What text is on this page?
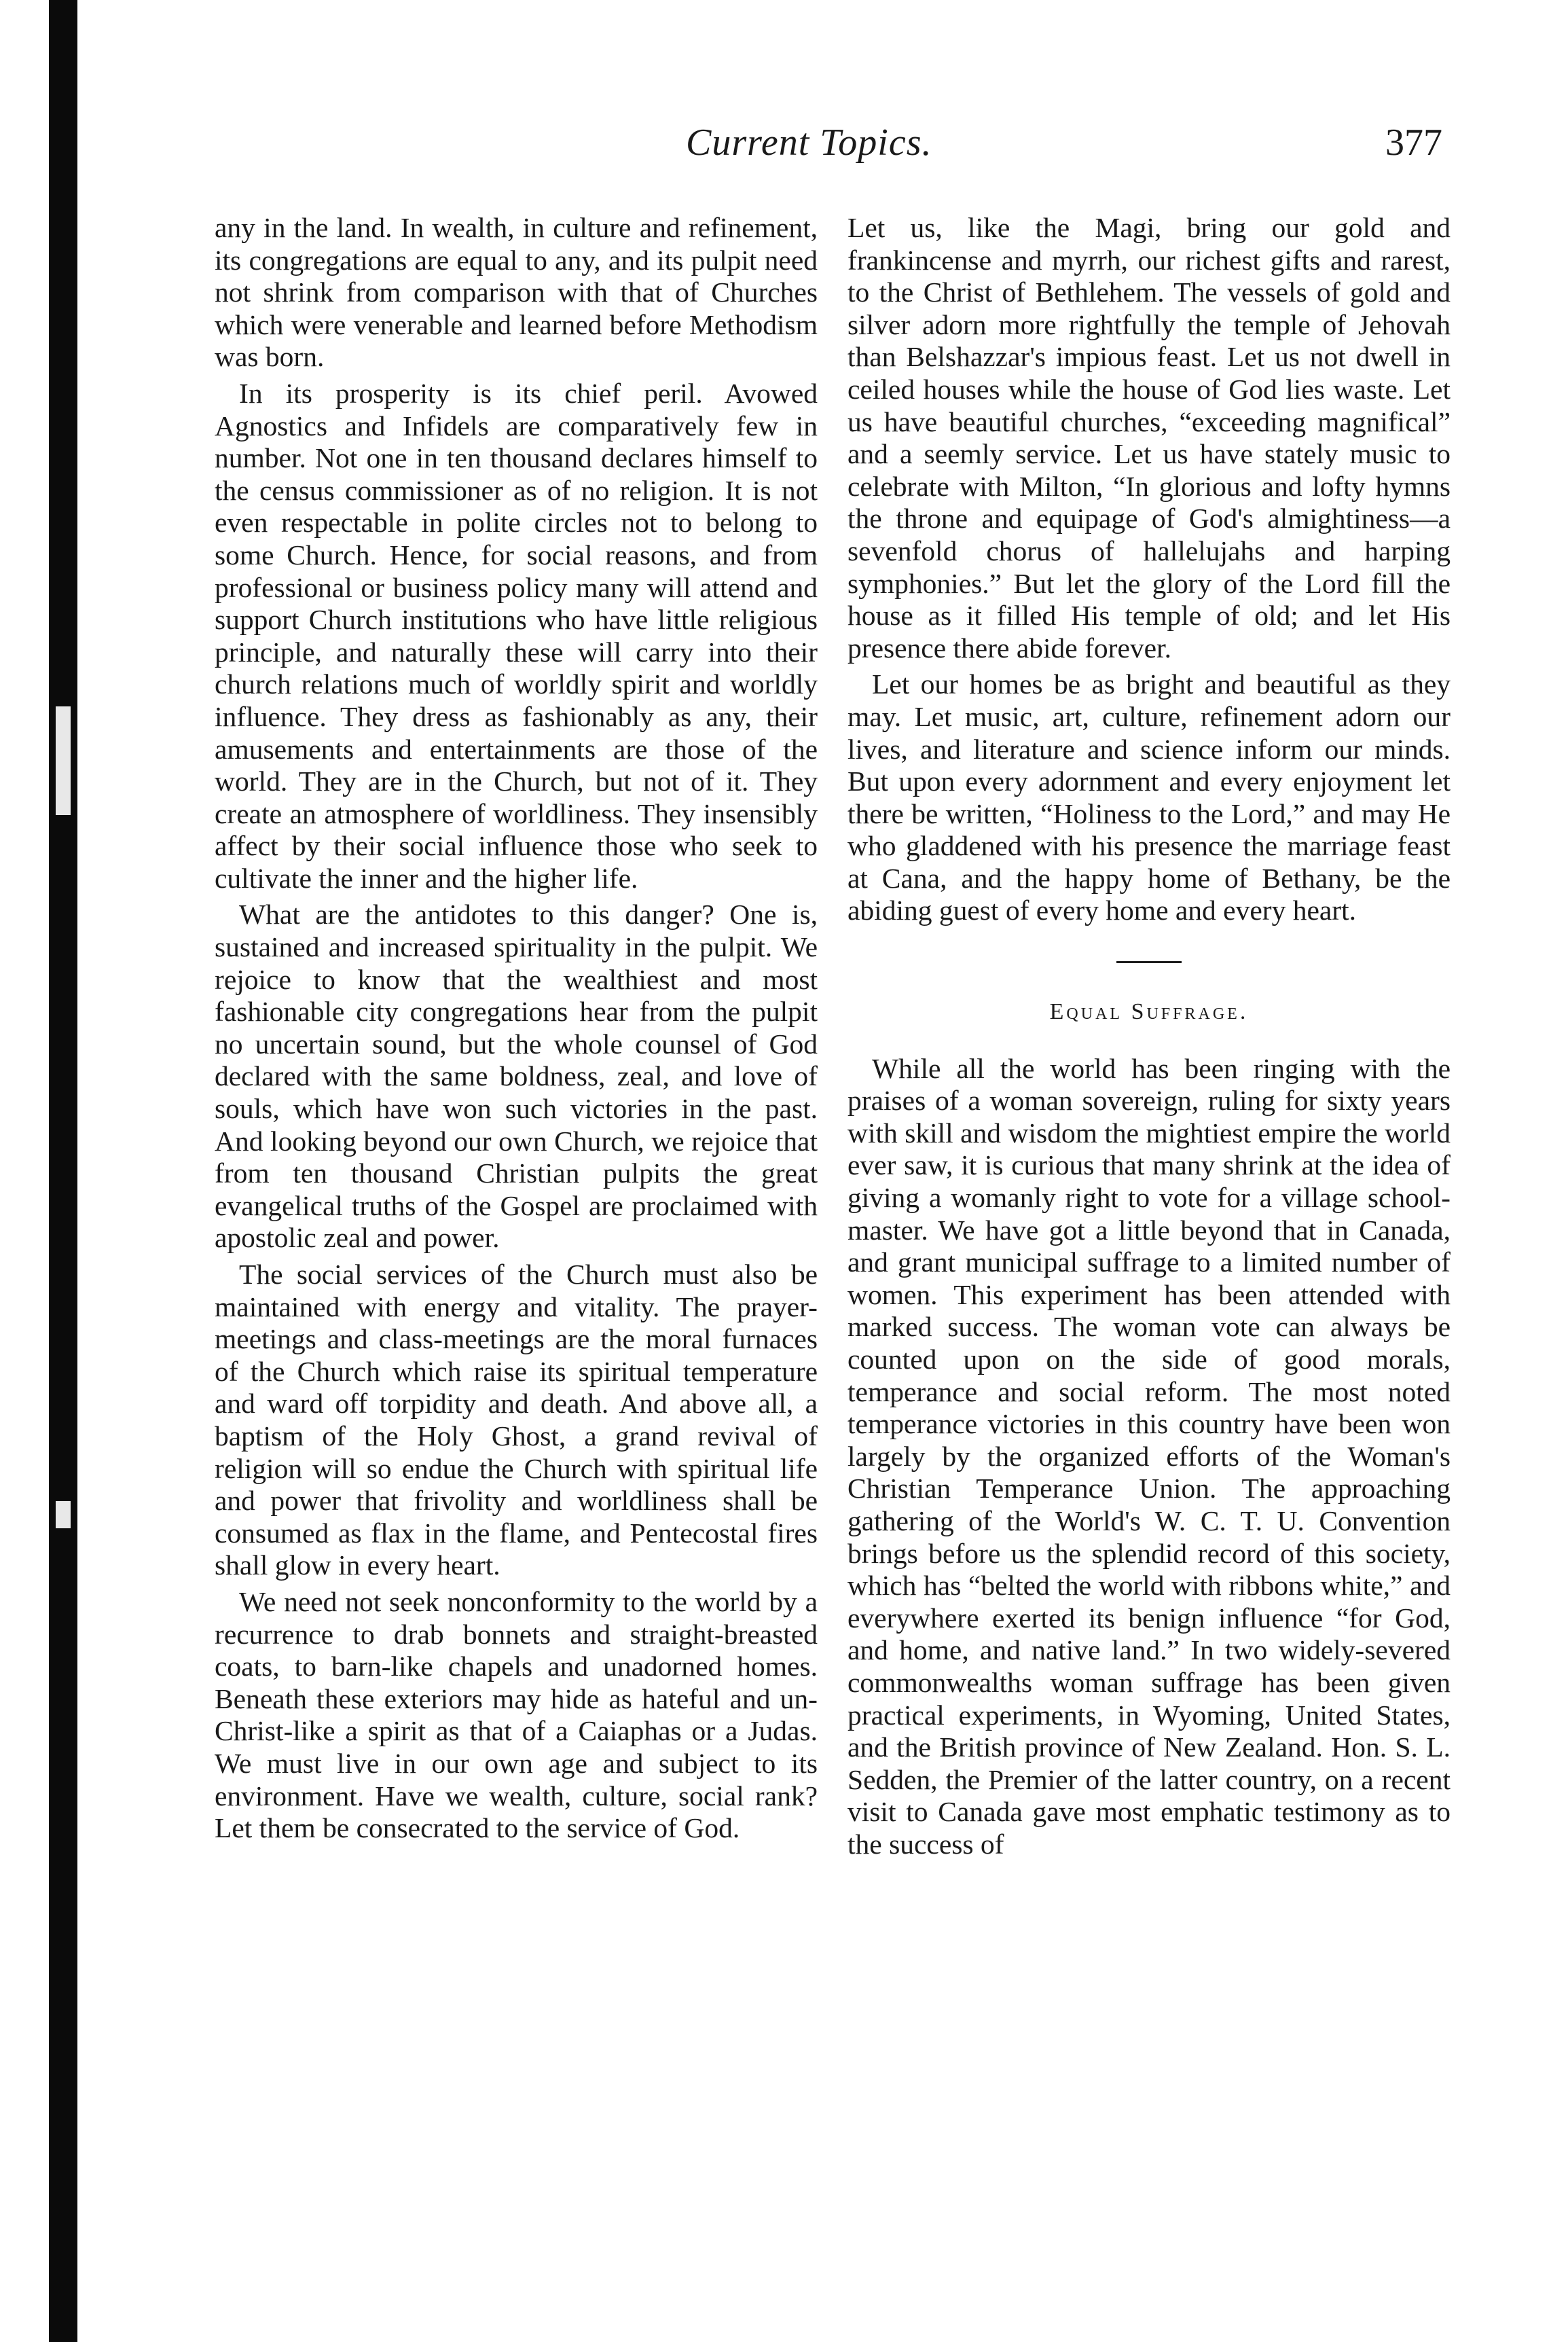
Current Topics.	377

any in the land. In wealth, in culture and refinement, its congregations are equal to any, and its pulpit need not shrink from comparison with that of Churches which were venerable and learned before Methodism was born.

In its prosperity is its chief peril. Avowed Agnostics and Infidels are comparatively few in number. Not one in ten thousand declares himself to the census commissioner as of no religion. It is not even respectable in polite circles not to belong to some Church. Hence, for social reasons, and from professional or business policy many will attend and support Church institutions who have little religious principle, and naturally these will carry into their church relations much of worldly spirit and worldly influence. They dress as fashionably as any, their amusements and entertainments are those of the world. They are in the Church, but not of it. They create an atmosphere of worldliness. They insensibly affect by their social influence those who seek to cultivate the inner and the higher life.

What are the antidotes to this danger? One is, sustained and increased spirituality in the pulpit. We rejoice to know that the wealthiest and most fashionable city congregations hear from the pulpit no uncertain sound, but the whole counsel of God declared with the same boldness, zeal, and love of souls, which have won such victories in the past. And looking beyond our own Church, we rejoice that from ten thousand Christian pulpits the great evangelical truths of the Gospel are proclaimed with apostolic zeal and power.

The social services of the Church must also be maintained with energy and vitality. The prayer-meetings and class-meetings are the moral furnaces of the Church which raise its spiritual temperature and ward off torpidity and death. And above all, a baptism of the Holy Ghost, a grand revival of religion will so endue the Church with spiritual life and power that frivolity and worldliness shall be consumed as flax in the flame, and Pentecostal fires shall glow in every heart.

We need not seek nonconformity to the world by a recurrence to drab bonnets and straight-breasted coats, to barn-like chapels and unadorned homes. Beneath these exteriors may hide as hateful and un-Christ-like a spirit as that of a Caiaphas or a Judas. We must live in our own age and subject to its environment. Have we wealth, culture, social rank? Let them be consecrated to the service of God.

Let us, like the Magi, bring our gold and frankincense and myrrh, our richest gifts and rarest, to the Christ of Bethlehem. The vessels of gold and silver adorn more rightfully the temple of Jehovah than Belshazzar's impious feast. Let us not dwell in ceiled houses while the house of God lies waste. Let us have beautiful churches, “exceeding magnifical” and a seemly service. Let us have stately music to celebrate with Milton, “In glorious and lofty hymns the throne and equipage of God's almightiness—a sevenfold chorus of hallelujahs and harping symphonies.” But let the glory of the Lord fill the house as it filled His temple of old; and let His presence there abide forever.

Let our homes be as bright and beautiful as they may. Let music, art, culture, refinement adorn our lives, and literature and science inform our minds. But upon every adornment and every enjoyment let there be written, “Holiness to the Lord,” and may He who gladdened with his presence the marriage feast at Cana, and the happy home of Bethany, be the abiding guest of every home and every heart.

Equal Suffrage.

While all the world has been ringing with the praises of a woman sovereign, ruling for sixty years with skill and wisdom the mightiest empire the world ever saw, it is curious that many shrink at the idea of giving a womanly right to vote for a village school-master. We have got a little beyond that in Canada, and grant municipal suffrage to a limited number of women. This experiment has been attended with marked success. The woman vote can always be counted upon on the side of good morals, temperance and social reform. The most noted temperance victories in this country have been won largely by the organized efforts of the Woman's Christian Temperance Union. The approaching gathering of the World's W. C. T. U. Convention brings before us the splendid record of this society, which has “belted the world with ribbons white,” and everywhere exerted its benign influence “for God, and home, and native land.” In two widely-severed commonwealths woman suffrage has been given practical experiments, in Wyoming, United States, and the British province of New Zealand. Hon. S. L. Sedden, the Premier of the latter country, on a recent visit to Canada gave most emphatic testimony as to the success of
